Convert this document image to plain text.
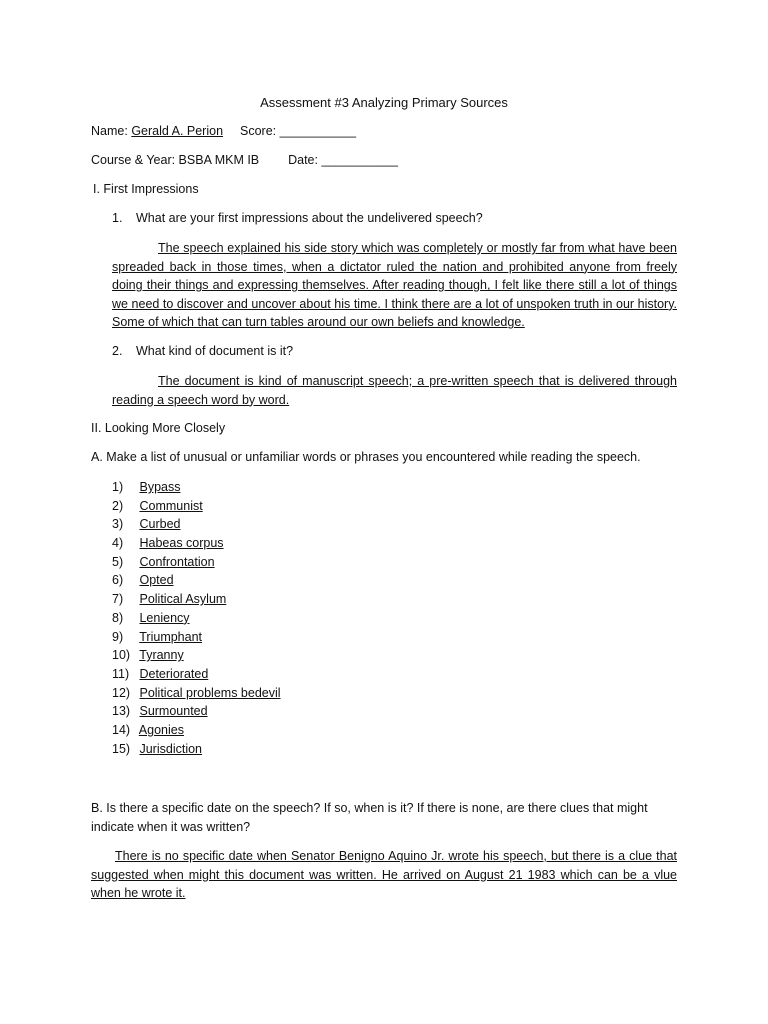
Assessment #3 Analyzing Primary Sources
Name: Gerald A. Perion Score: ___________
Course & Year: BSBA MKM IB Date: ___________
I. First Impressions
1. What are your first impressions about the undelivered speech?
The speech explained his side story which was completely or mostly far from what have been spreaded back in those times, when a dictator ruled the nation and prohibited anyone from freely doing their things and expressing themselves. After reading though, I felt like there still a lot of things we need to discover and uncover about his time. I think there are a lot of unspoken truth in our history. Some of which that can turn tables around our own beliefs and knowledge.
2. What kind of document is it?
The document is kind of manuscript speech; a pre-written speech that is delivered through reading a speech word by word.
II. Looking More Closely
A. Make a list of unusual or unfamiliar words or phrases you encountered while reading the speech.
1) Bypass
2) Communist
3) Curbed
4) Habeas corpus
5) Confrontation
6) Opted
7) Political Asylum
8) Leniency
9) Triumphant
10) Tyranny
11) Deteriorated
12) Political problems bedevil
13) Surmounted
14) Agonies
15) Jurisdiction
B. Is there a specific date on the speech? If so, when is it? If there is none, are there clues that might indicate when it was written?
There is no specific date when Senator Benigno Aquino Jr. wrote his speech, but there is a clue that suggested when might this document was written. He arrived on August 21 1983 which can be a vlue when he wrote it.
